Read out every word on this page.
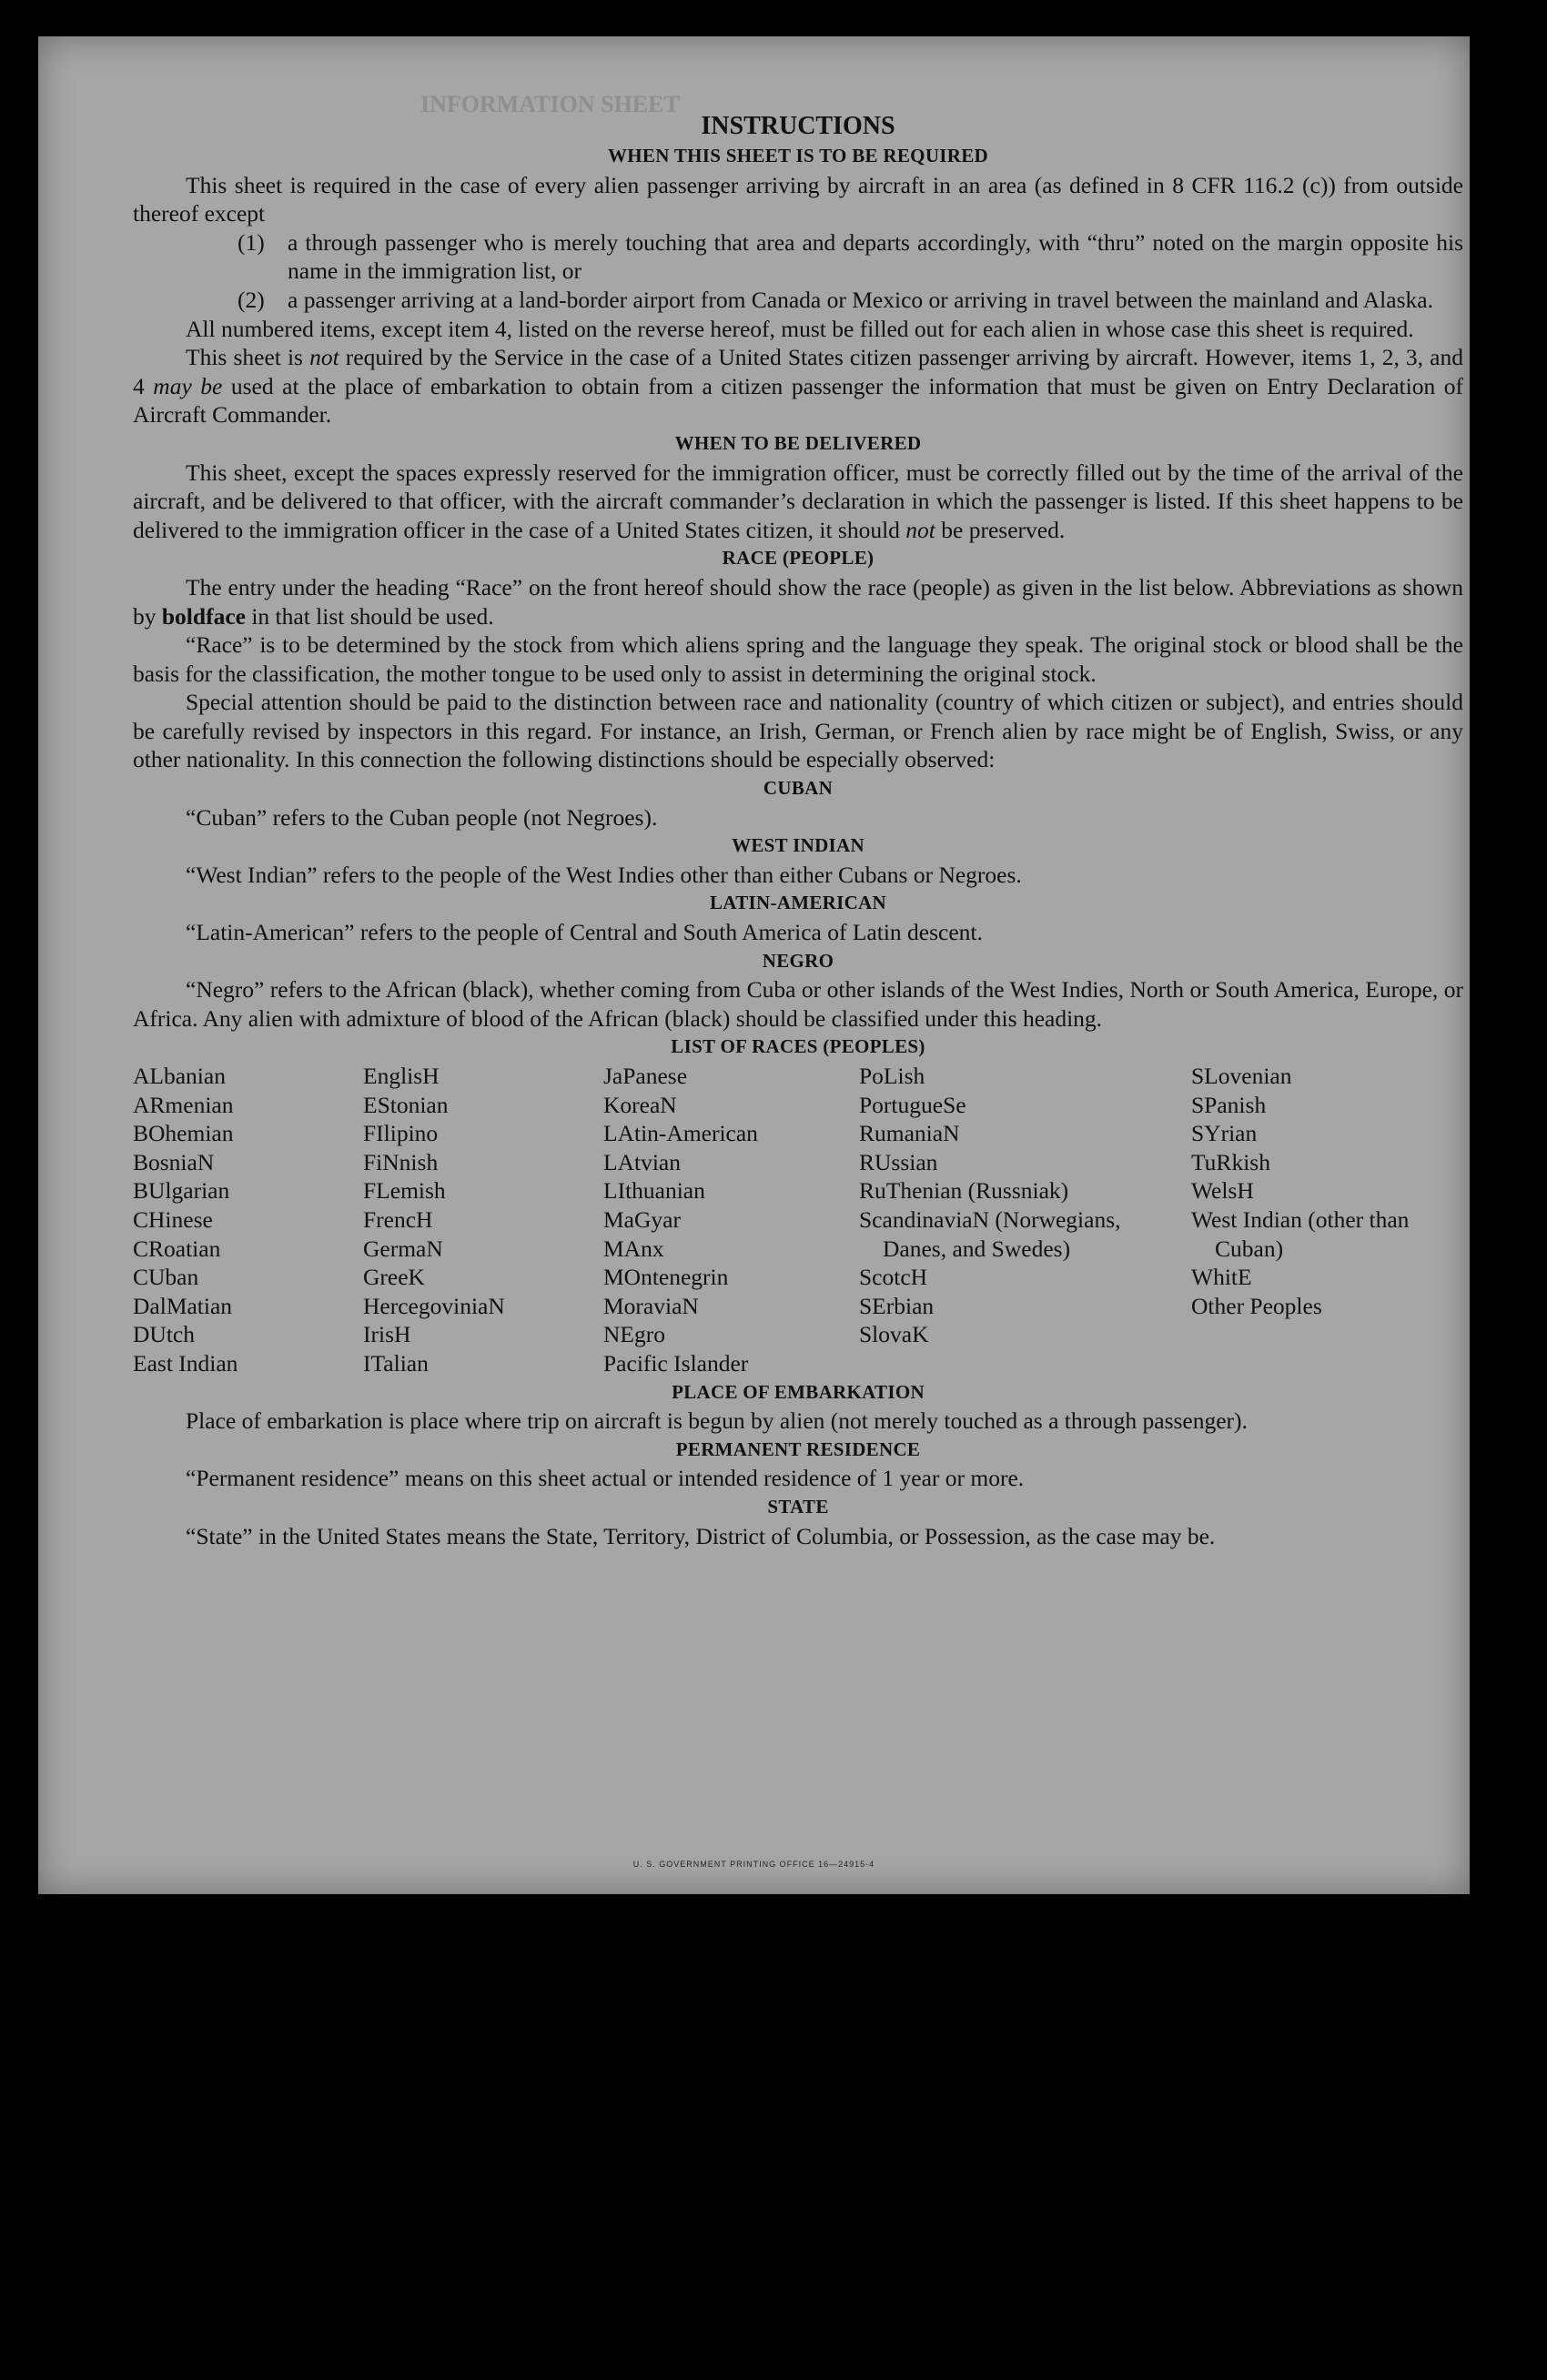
INFORMATION SHEET
INSTRUCTIONS
WHEN THIS SHEET IS TO BE REQUIRED

This sheet is required in the case of every alien passenger arriving by aircraft in an area (as defined in 8 CFR 116.2 (c)) from outside thereof except

(1) a through passenger who is merely touching that area and departs accordingly, with “thru” noted on the margin opposite his name in the immigration list, or
(2) a passenger arriving at a land-border airport from Canada or Mexico or arriving in travel between the mainland and Alaska.

All numbered items, except item 4, listed on the reverse hereof, must be filled out for each alien in whose case this sheet is required.

This sheet is not required by the Service in the case of a United States citizen passenger arriving by aircraft. However, items 1, 2, 3, and 4 may be used at the place of embarkation to obtain from a citizen passenger the information that must be given on Entry Declaration of Aircraft Commander.

WHEN TO BE DELIVERED

This sheet, except the spaces expressly reserved for the immigration officer, must be correctly filled out by the time of the arrival of the aircraft, and be delivered to that officer, with the aircraft commander’s declaration in which the passenger is listed. If this sheet happens to be delivered to the immigration officer in the case of a United States citizen, it should not be preserved.

RACE (PEOPLE)

The entry under the heading “Race” on the front hereof should show the race (people) as given in the list below. Abbreviations as shown by boldface in that list should be used.

“Race” is to be determined by the stock from which aliens spring and the language they speak. The original stock or blood shall be the basis for the classification, the mother tongue to be used only to assist in determining the original stock.

Special attention should be paid to the distinction between race and nationality (country of which citizen or subject), and entries should be carefully revised by inspectors in this regard. For instance, an Irish, German, or French alien by race might be of English, Swiss, or any other nationality. In this connection the following distinctions should be especially observed:

CUBAN

“Cuban” refers to the Cuban people (not Negroes).

WEST INDIAN

“West Indian” refers to the people of the West Indies other than either Cubans or Negroes.

LATIN-AMERICAN

“Latin-American” refers to the people of Central and South America of Latin descent.

NEGRO

“Negro” refers to the African (black), whether coming from Cuba or other islands of the West Indies, North or South America, Europe, or Africa. Any alien with admixture of blood of the African (black) should be classified under this heading.

LIST OF RACES (PEOPLES)
ALbanian
ARmenian
BOhemian
BosniaN
BUlgarian
CHinese
CRoatian
CUban
DalMatian
DUtch
East Indian
EnglisH
EStonian
FIlipino
FiNnish
FLemish
FrencH
GermaN
GreeK
HercegoviniaN
IrisH
ITalian
JaPanese
KoreaN
LAtin-American
LAtvian
LIthuanian
MaGyar
MAnx
MOntenegrin
MoraviaN
NEgro
Pacific Islander
PoLish
PortugueSe
RumaniaN
RUssian
RuThenian (Russniak)
ScandinaviaN (Norwegians, Danes, and Swedes)
ScotcH
SErbian
SlovaK
SLovenian
SPanish
SYrian
TuRkish
WelsH
West Indian (other than Cuban)
WhitE
Other Peoples
PLACE OF EMBARKATION

Place of embarkation is place where trip on aircraft is begun by alien (not merely touched as a through passenger).

PERMANENT RESIDENCE

“Permanent residence” means on this sheet actual or intended residence of 1 year or more.

STATE

“State” in the United States means the State, Territory, District of Columbia, or Possession, as the case may be.

U. S. GOVERNMENT PRINTING OFFICE 16—24915-4
